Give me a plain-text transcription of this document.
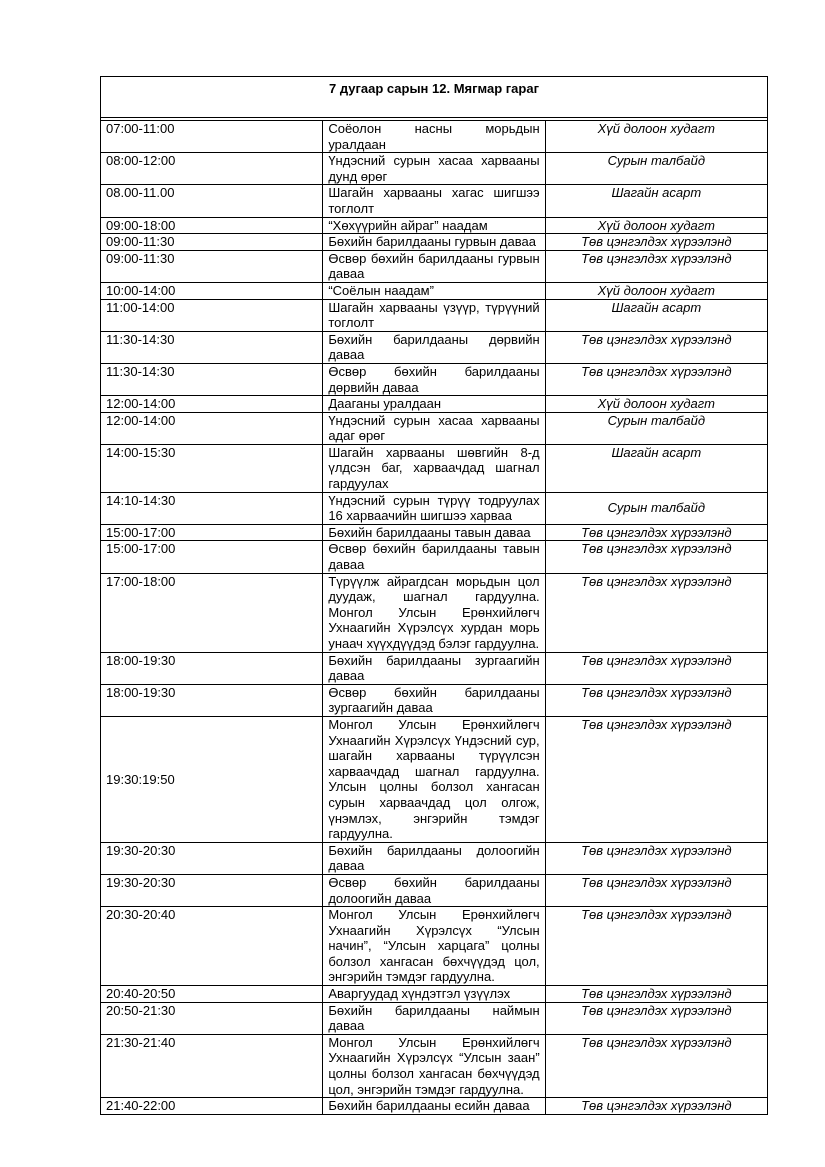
7 дугаар сарын 12. Мягмар гараг		

07:00-11:00	Соёолон насны морьдын уралдаан	Хүй долоон худагт
08:00-12:00	Үндэсний сурын хасаа харвааны дунд өрөг	Сурын талбайд
08.00-11.00	Шагайн харвааны хагас шигшээ тоглолт	Шагайн асарт
09:00-18:00	“Хөхүүрийн айраг” наадам	Хүй долоон худагт
09:00-11:30	Бөхийн барилдааны гурвын даваа	Төв цэнгэлдэх хүрээлэнд
09:00-11:30	Өсвөр бөхийн барилдааны гурвын даваа	Төв цэнгэлдэх хүрээлэнд
10:00-14:00	“Соёлын наадам”	Хүй долоон худагт
11:00-14:00	Шагайн харвааны үзүүр, түрүүний тоглолт	Шагайн асарт
11:30-14:30	Бөхийн барилдааны дөрвийн даваа	Төв цэнгэлдэх хүрээлэнд
11:30-14:30	Өсвөр бөхийн барилдааны дөрвийн даваа	Төв цэнгэлдэх хүрээлэнд
12:00-14:00	Дааганы уралдаан	Хүй долоон худагт
12:00-14:00	Үндэсний сурын хасаа харвааны адаг өрөг	Сурын талбайд
14:00-15:30	Шагайн харвааны шөвгийн 8-д үлдсэн баг, харваачдад шагнал гардуулах	Шагайн асарт
14:10-14:30	Үндэсний сурын түрүү тодруулах 16 харваачийн шигшээ харваа	Сурын талбайд
15:00-17:00	Бөхийн барилдааны тавын даваа	Төв цэнгэлдэх хүрээлэнд
15:00-17:00	Өсвөр бөхийн барилдааны тавын даваа	Төв цэнгэлдэх хүрээлэнд
17:00-18:00	Түрүүлж айрагдсан морьдын цол дуудаж, шагнал гардуулна. Монгол Улсын Ерөнхийлөгч Ухнаагийн Хүрэлсүх хурдан морь унаач хүүхдүүдэд бэлэг гардуулна.	Төв цэнгэлдэх хүрээлэнд
18:00-19:30	Бөхийн барилдааны зургаагийн даваа	Төв цэнгэлдэх хүрээлэнд
18:00-19:30	Өсвөр бөхийн барилдааны зургаагийн даваа	Төв цэнгэлдэх хүрээлэнд
19:30:19:50	Монгол Улсын Ерөнхийлөгч Ухнаагийн Хүрэлсүх Үндэсний сур, шагайн харвааны түрүүлсэн харваачдад шагнал гардуулна. Улсын цолны болзол хангасан сурын харваачдад цол олгож, үнэмлэх, энгэрийн тэмдэг гардуулна.	Төв цэнгэлдэх хүрээлэнд
19:30-20:30	Бөхийн барилдааны долоогийн даваа	Төв цэнгэлдэх хүрээлэнд
19:30-20:30	Өсвөр бөхийн барилдааны долоогийн даваа	Төв цэнгэлдэх хүрээлэнд
20:30-20:40	Монгол Улсын Ерөнхийлөгч Ухнаагийн Хүрэлсүх “Улсын начин”, “Улсын харцага” цолны болзол хангасан бөхчүүдэд цол, энгэрийн тэмдэг гардуулна.	Төв цэнгэлдэх хүрээлэнд
20:40-20:50	Аваргуудад хүндэтгэл үзүүлэх	Төв цэнгэлдэх хүрээлэнд
20:50-21:30	Бөхийн барилдааны наймын даваа	Төв цэнгэлдэх хүрээлэнд
21:30-21:40	Монгол Улсын Ерөнхийлөгч Ухнаагийн Хүрэлсүх “Улсын заан” цолны болзол хангасан бөхчүүдэд цол, энгэрийн тэмдэг гардуулна.	Төв цэнгэлдэх хүрээлэнд
21:40-22:00	Бөхийн барилдааны есийн даваа	Төв цэнгэлдэх хүрээлэнд
